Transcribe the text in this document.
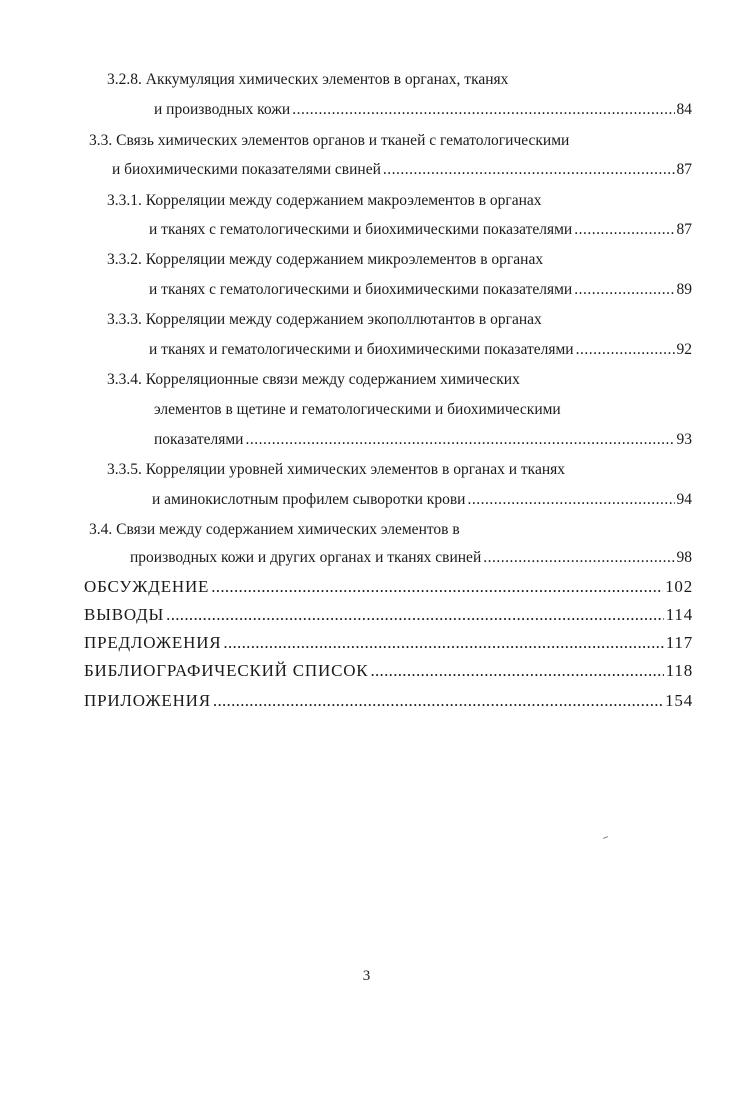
3.2.8. Аккумуляция химических элементов в органах, тканях
и производных кожи .....	84
3.3. Связь химических элементов органов и тканей с гематологическими
и биохимическими показателями свиней .....	87
3.3.1. Корреляции между содержанием макроэлементов в органах
и тканях с гематологическими и биохимическими показателями .....	87
3.3.2. Корреляции между содержанием микроэлементов в органах
и тканях с гематологическими и биохимическими показателями .....	89
3.3.3. Корреляции между содержанием экополлютантов в органах
и тканях и гематологическими и биохимическими показателями .....	92
3.3.4. Корреляционные связи между содержанием химических
элементов в щетине и гематологическими и биохимическими
показателями .....	93
3.3.5. Корреляции уровней химических элементов в органах и тканях
и аминокислотным профилем сыворотки крови .....	94
3.4. Связи между содержанием химических элементов в
производных кожи и других органах и тканях свиней .....	98
ОБСУЖДЕНИЕ .....	102
ВЫВОДЫ .....	114
ПРЕДЛОЖЕНИЯ .....	117
БИБЛИОГРАФИЧЕСКИЙ СПИСОК .....	118
ПРИЛОЖЕНИЯ .....	154
3
